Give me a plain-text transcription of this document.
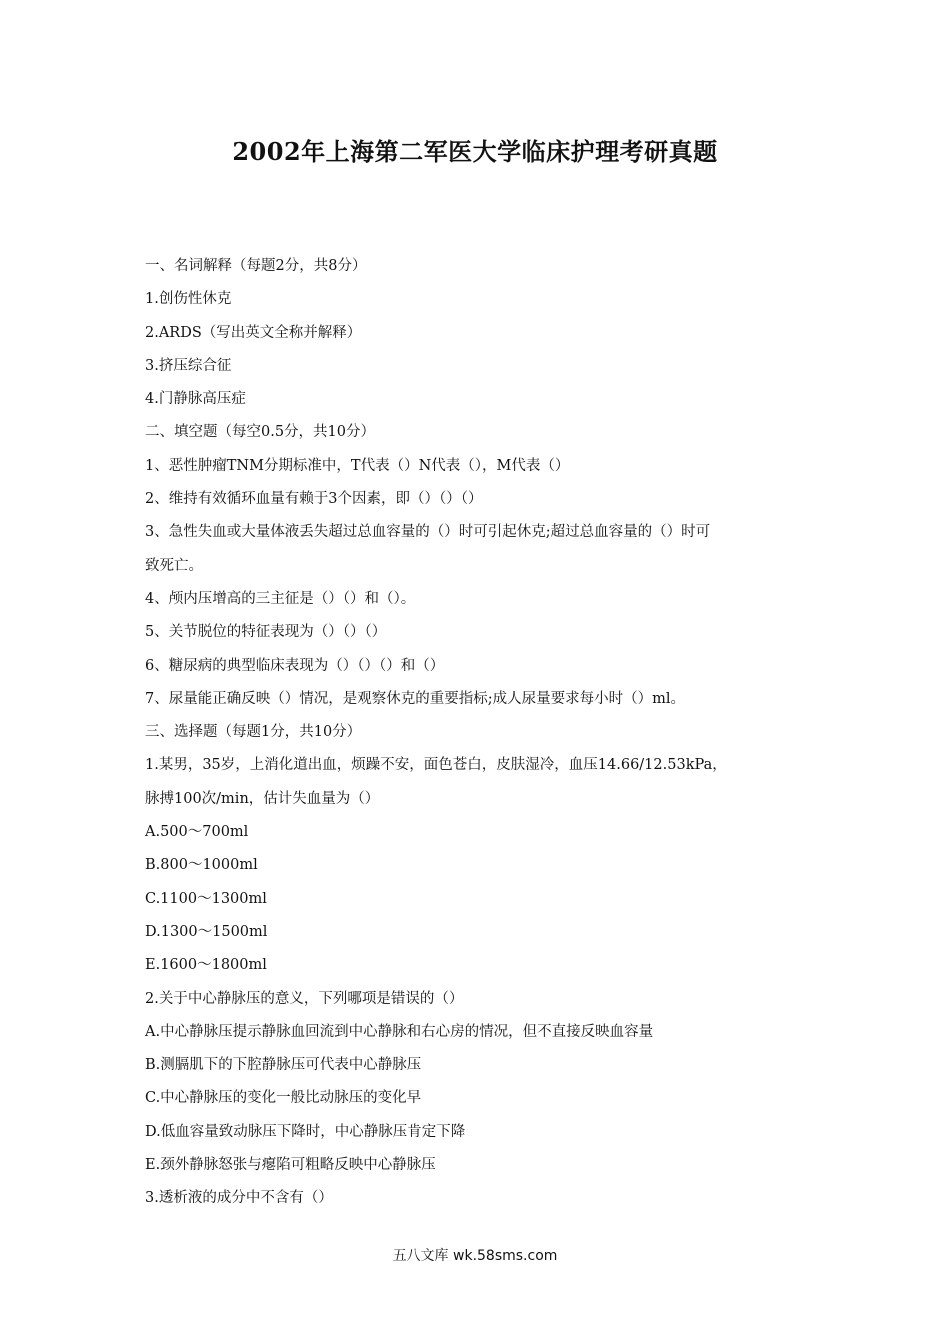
2002年上海第二军医大学临床护理考研真题
一、名词解释（每题2分，共8分）
1.创伤性休克
2.ARDS（写出英文全称并解释）
3.挤压综合征
4.门静脉高压症
二、填空题（每空0.5分，共10分）
1、恶性肿瘤TNM分期标准中，T代表（）N代表（），M代表（）
2、维持有效循环血量有赖于3个因素，即（）（）（）
3、急性失血或大量体液丢失超过总血容量的（）时可引起休克;超过总血容量的（）时可
致死亡。
4、颅内压增高的三主征是（）（）和（）。
5、关节脱位的特征表现为（）（）（）
6、糖尿病的典型临床表现为（）（）（）和（）
7、尿量能正确反映（）情况，是观察休克的重要指标;成人尿量要求每小时（）ml。
三、选择题（每题1分，共10分）
1.某男，35岁，上消化道出血，烦躁不安，面色苍白，皮肤湿冷，血压14.66/12.53kPa，
脉搏100次/min，估计失血量为（）
A.500～700ml
B.800～1000ml
C.1100～1300ml
D.1300～1500ml
E.1600～1800ml
2.关于中心静脉压的意义，下列哪项是错误的（）
A.中心静脉压提示静脉血回流到中心静脉和右心房的情况，但不直接反映血容量
B.测膈肌下的下腔静脉压可代表中心静脉压
C.中心静脉压的变化一般比动脉压的变化早
D.低血容量致动脉压下降时，中心静脉压肯定下降
E.颈外静脉怒张与瘪陷可粗略反映中心静脉压
3.透析液的成分中不含有（）
五八文库 wk.58sms.com
